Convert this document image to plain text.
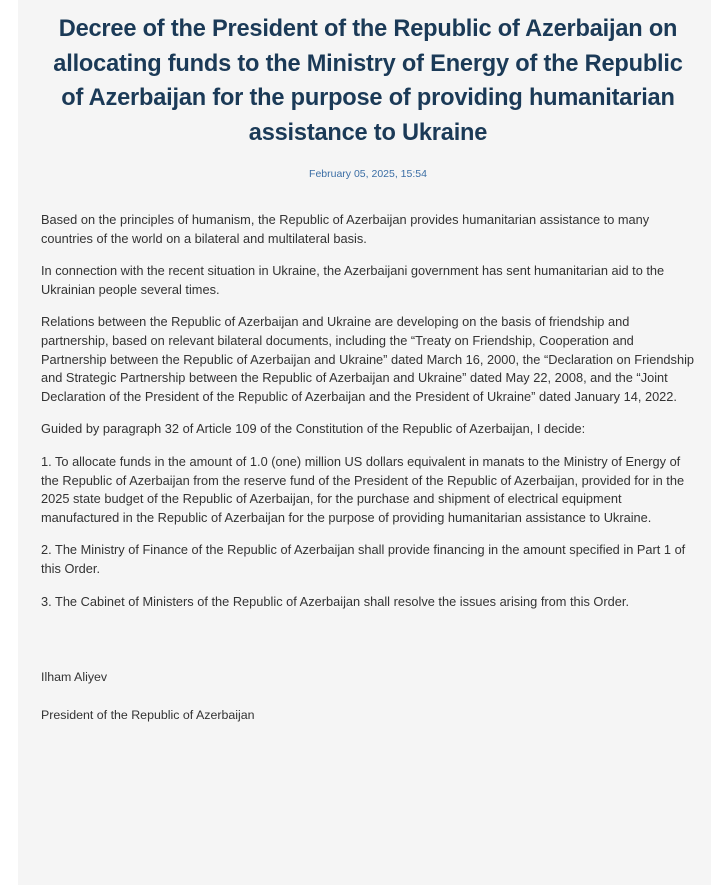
Decree of the President of the Republic of Azerbaijan on allocating funds to the Ministry of Energy of the Republic of Azerbaijan for the purpose of providing humanitarian assistance to Ukraine
February 05, 2025, 15:54

Based on the principles of humanism, the Republic of Azerbaijan provides humanitarian assistance to many countries of the world on a bilateral and multilateral basis.

In connection with the recent situation in Ukraine, the Azerbaijani government has sent humanitarian aid to the Ukrainian people several times.

Relations between the Republic of Azerbaijan and Ukraine are developing on the basis of friendship and partnership, based on relevant bilateral documents, including the “Treaty on Friendship, Cooperation and Partnership between the Republic of Azerbaijan and Ukraine” dated March 16, 2000, the “Declaration on Friendship and Strategic Partnership between the Republic of Azerbaijan and Ukraine” dated May 22, 2008, and the “Joint Declaration of the President of the Republic of Azerbaijan and the President of Ukraine” dated January 14, 2022.

Guided by paragraph 32 of Article 109 of the Constitution of the Republic of Azerbaijan, I decide:

1. To allocate funds in the amount of 1.0 (one) million US dollars equivalent in manats to the Ministry of Energy of the Republic of Azerbaijan from the reserve fund of the President of the Republic of Azerbaijan, provided for in the 2025 state budget of the Republic of Azerbaijan, for the purchase and shipment of electrical equipment manufactured in the Republic of Azerbaijan for the purpose of providing humanitarian assistance to Ukraine.

2. The Ministry of Finance of the Republic of Azerbaijan shall provide financing in the amount specified in Part 1 of this Order.

3. The Cabinet of Ministers of the Republic of Azerbaijan shall resolve the issues arising from this Order.

Ilham Aliyev

President of the Republic of Azerbaijan
